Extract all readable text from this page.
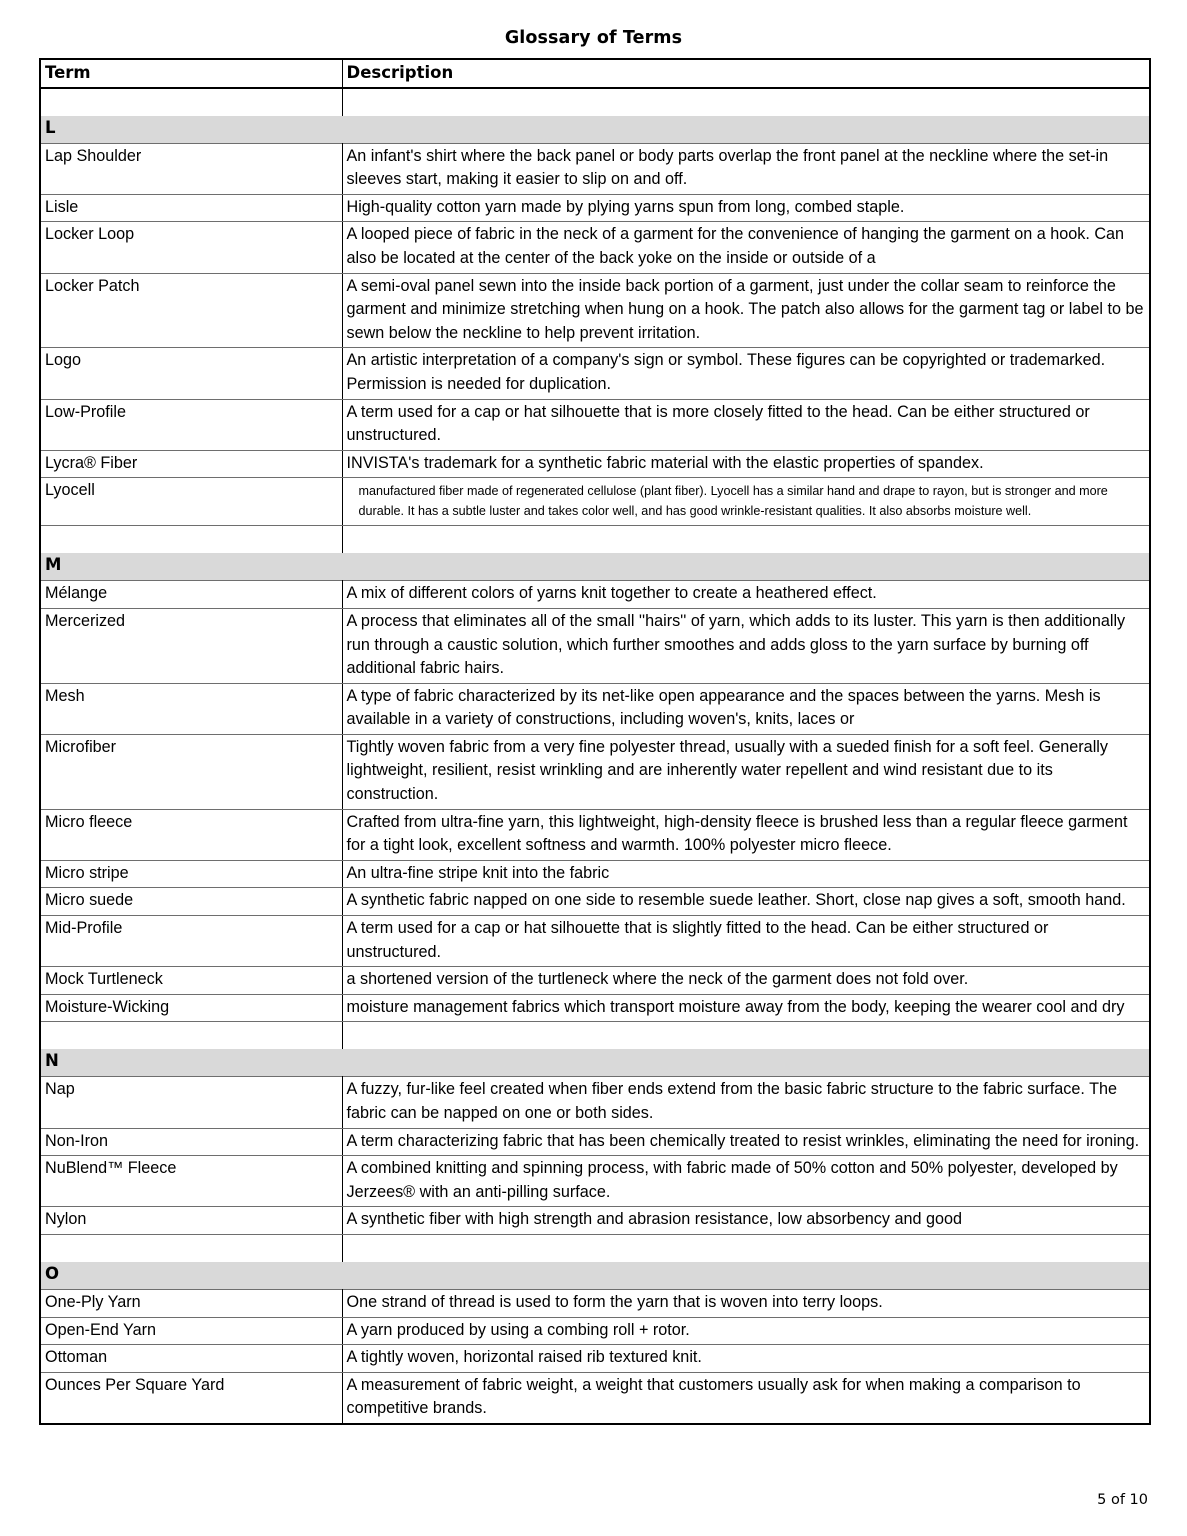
Glossary of Terms
Term	Description

L	
Lap Shoulder	An infant's shirt where the back panel or body parts overlap the front panel at the neckline where the set-in sleeves start, making it easier to slip on and off.
Lisle	High-quality cotton yarn made by plying yarns spun from long, combed staple.
Locker Loop	A looped piece of fabric in the neck of a garment for the convenience of hanging the garment on a hook. Can also be located at the center of the back yoke on the inside or outside of a
Locker Patch	A semi-oval panel sewn into the inside back portion of a garment, just under the collar seam to reinforce the garment and minimize stretching when hung on a hook. The patch also allows for the garment tag or label to be sewn below the neckline to help prevent irritation.
Logo	An artistic interpretation of a company's sign or symbol. These figures can be copyrighted or trademarked. Permission is needed for duplication.
Low-Profile	A term used for a cap or hat silhouette that is more closely fitted to the head. Can be either structured or unstructured.
Lycra® Fiber	INVISTA's trademark for a synthetic fabric material with the elastic properties of spandex.
Lyocell	manufactured fiber made of regenerated cellulose (plant fiber). Lyocell has a similar hand and drape to rayon, but is stronger and more durable. It has a subtle luster and takes color well, and has good wrinkle-resistant qualities. It also absorbs moisture well.

M	
Mélange	A mix of different colors of yarns knit together to create a heathered effect.
Mercerized	A process that eliminates all of the small ''hairs'' of yarn, which adds to its luster. This yarn is then additionally run through a caustic solution, which further smoothes and adds gloss to the yarn surface by burning off additional fabric hairs.
Mesh	A type of fabric characterized by its net-like open appearance and the spaces between the yarns. Mesh is available in a variety of constructions, including woven's, knits, laces or
Microfiber	Tightly woven fabric from a very fine polyester thread, usually with a sueded finish for a soft feel. Generally lightweight, resilient, resist wrinkling and are inherently water repellent and wind resistant due to its construction.
Micro fleece	Crafted from ultra-fine yarn, this lightweight, high-density fleece is brushed less than a regular fleece garment for a tight look, excellent softness and warmth. 100% polyester micro fleece.
Micro stripe	An ultra-fine stripe knit into the fabric
Micro suede	A synthetic fabric napped on one side to resemble suede leather. Short, close nap gives a soft, smooth hand.
Mid-Profile	A term used for a cap or hat silhouette that is slightly fitted to the head. Can be either structured or unstructured.
Mock Turtleneck	a shortened version of the turtleneck where the neck of the garment does not fold over.
Moisture-Wicking	moisture management fabrics which transport moisture away from the body, keeping the wearer cool and dry

N	
Nap	A fuzzy, fur-like feel created when fiber ends extend from the basic fabric structure to the fabric surface. The fabric can be napped on one or both sides.
Non-Iron	A term characterizing fabric that has been chemically treated to resist wrinkles, eliminating the need for ironing.
NuBlend™ Fleece	A combined knitting and spinning process, with fabric made of 50% cotton and 50% polyester, developed by Jerzees® with an anti-pilling surface.
Nylon	A synthetic fiber with high strength and abrasion resistance, low absorbency and good

O	
One-Ply Yarn	One strand of thread is used to form the yarn that is woven into terry loops.
Open-End Yarn	A yarn produced by using a combing roll + rotor.
Ottoman	A tightly woven, horizontal raised rib textured knit.
Ounces Per Square Yard	A measurement of fabric weight, a weight that customers usually ask for when making a comparison to competitive brands.
5 of 10
